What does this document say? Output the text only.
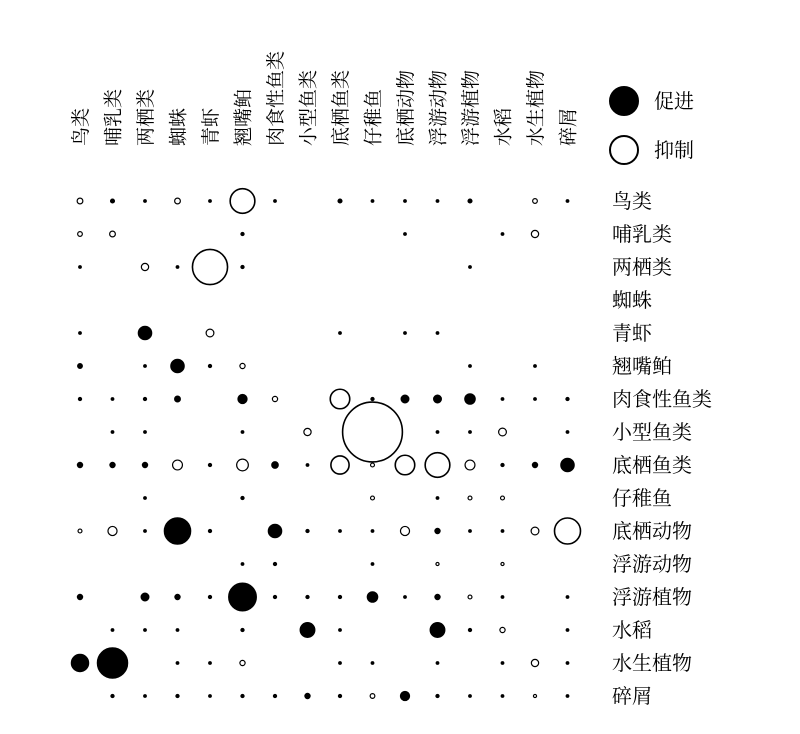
鸟类 哺乳类 两栖类 蜘蛛 青虾 翘嘴鲌 肉食性鱼类 小型鱼类 底栖鱼类 仔稚鱼 底栖动物 浮游动物 浮游植物 水稻 水生植物 碎屑
鸟类
哺乳类
两栖类
蜘蛛
青虾
翘嘴鲌
肉食性鱼类
小型鱼类
底栖鱼类
仔稚鱼
底栖动物
浮游动物
浮游植物
水稻
水生植物
碎屑
促进
抑制
